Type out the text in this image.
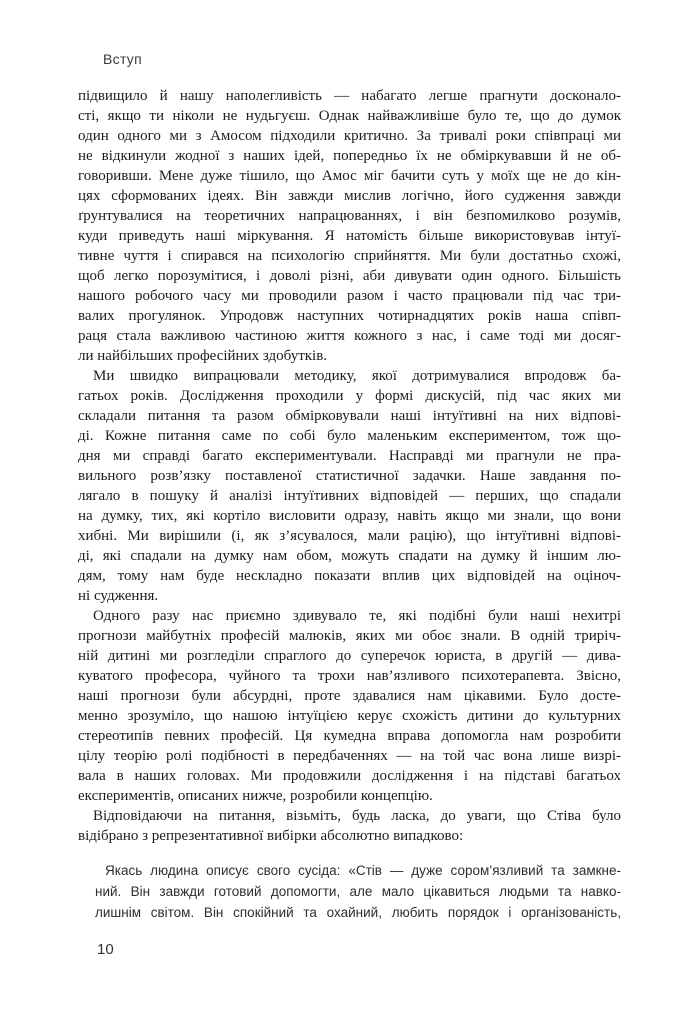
Вступ
підвищило й нашу наполегливість — набагато легше прагнути досконало-
сті, якщо ти ніколи не нудьгуєш. Однак найважливіше було те, що до думок
один одного ми з Амосом підходили критично. За тривалі роки співпраці ми
не відкинули жодної з наших ідей, попередньо їх не обміркувавши й не об-
говоривши. Мене дуже тішило, що Амос міг бачити суть у моїх ще не до кін-
цях сформованих ідеях. Він завжди мислив логічно, його судження завжди
ґрунтувалися на теоретичних напрацюваннях, і він безпомилково розумів,
куди приведуть наші міркування. Я натомість більше використовував інтуї-
тивне чуття і спирався на психологію сприйняття. Ми були достатньо схожі,
щоб легко порозумітися, і доволі різні, аби дивувати один одного. Більшість
нашого робочого часу ми проводили разом і часто працювали під час три-
валих прогулянок. Упродовж наступних чотирнадцятих років наша співп-
раця стала важливою частиною життя кожного з нас, і саме тоді ми досяг-
ли найбільших професійних здобутків.
Ми швидко випрацювали методику, якої дотримувалися впродовж ба-
гатьох років. Дослідження проходили у формі дискусій, під час яких ми
складали питання та разом обмірковували наші інтуїтивні на них відпові-
ді. Кожне питання саме по собі було маленьким експериментом, тож що-
дня ми справді багато експериментували. Насправді ми прагнули не пра-
вильного розв’язку поставленої статистичної задачки. Наше завдання по-
лягало в пошуку й аналізі інтуїтивних відповідей — перших, що спадали
на думку, тих, які кортіло висловити одразу, навіть якщо ми знали, що вони
хибні. Ми вирішили (і, як з’ясувалося, мали рацію), що інтуїтивні відпові-
ді, які спадали на думку нам обом, можуть спадати на думку й іншим лю-
дям, тому нам буде нескладно показати вплив цих відповідей на оціноч-
ні судження.
Одного разу нас приємно здивувало те, які подібні були наші нехитрі
прогнози майбутніх професій малюків, яких ми обоє знали. В одній триріч-
ній дитині ми розгледіли спраглого до суперечок юриста, в другій — дива-
куватого професора, чуйного та трохи нав’язливого психотерапевта. Звісно,
наші прогнози були абсурдні, проте здавалися нам цікавими. Було досте-
менно зрозуміло, що нашою інтуїцією керує схожість дитини до культурних
стереотипів певних професій. Ця кумедна вправа допомогла нам розробити
цілу теорію ролі подібності в передбаченнях — на той час вона лише визрі-
вала в наших головах. Ми продовжили дослідження і на підставі багатьох
експериментів, описаних нижче, розробили концепцію.
Відповідаючи на питання, візьміть, будь ласка, до уваги, що Стіва було
відібрано з репрезентативної вибірки абсолютно випадково:
Якась людина описує свого сусіда: «Стів — дуже сором’язливий та замкне-
ний. Він завжди готовий допомогти, але мало цікавиться людьми та навко-
лишнім світом. Він спокійний та охайний, любить порядок і організованість,
10
